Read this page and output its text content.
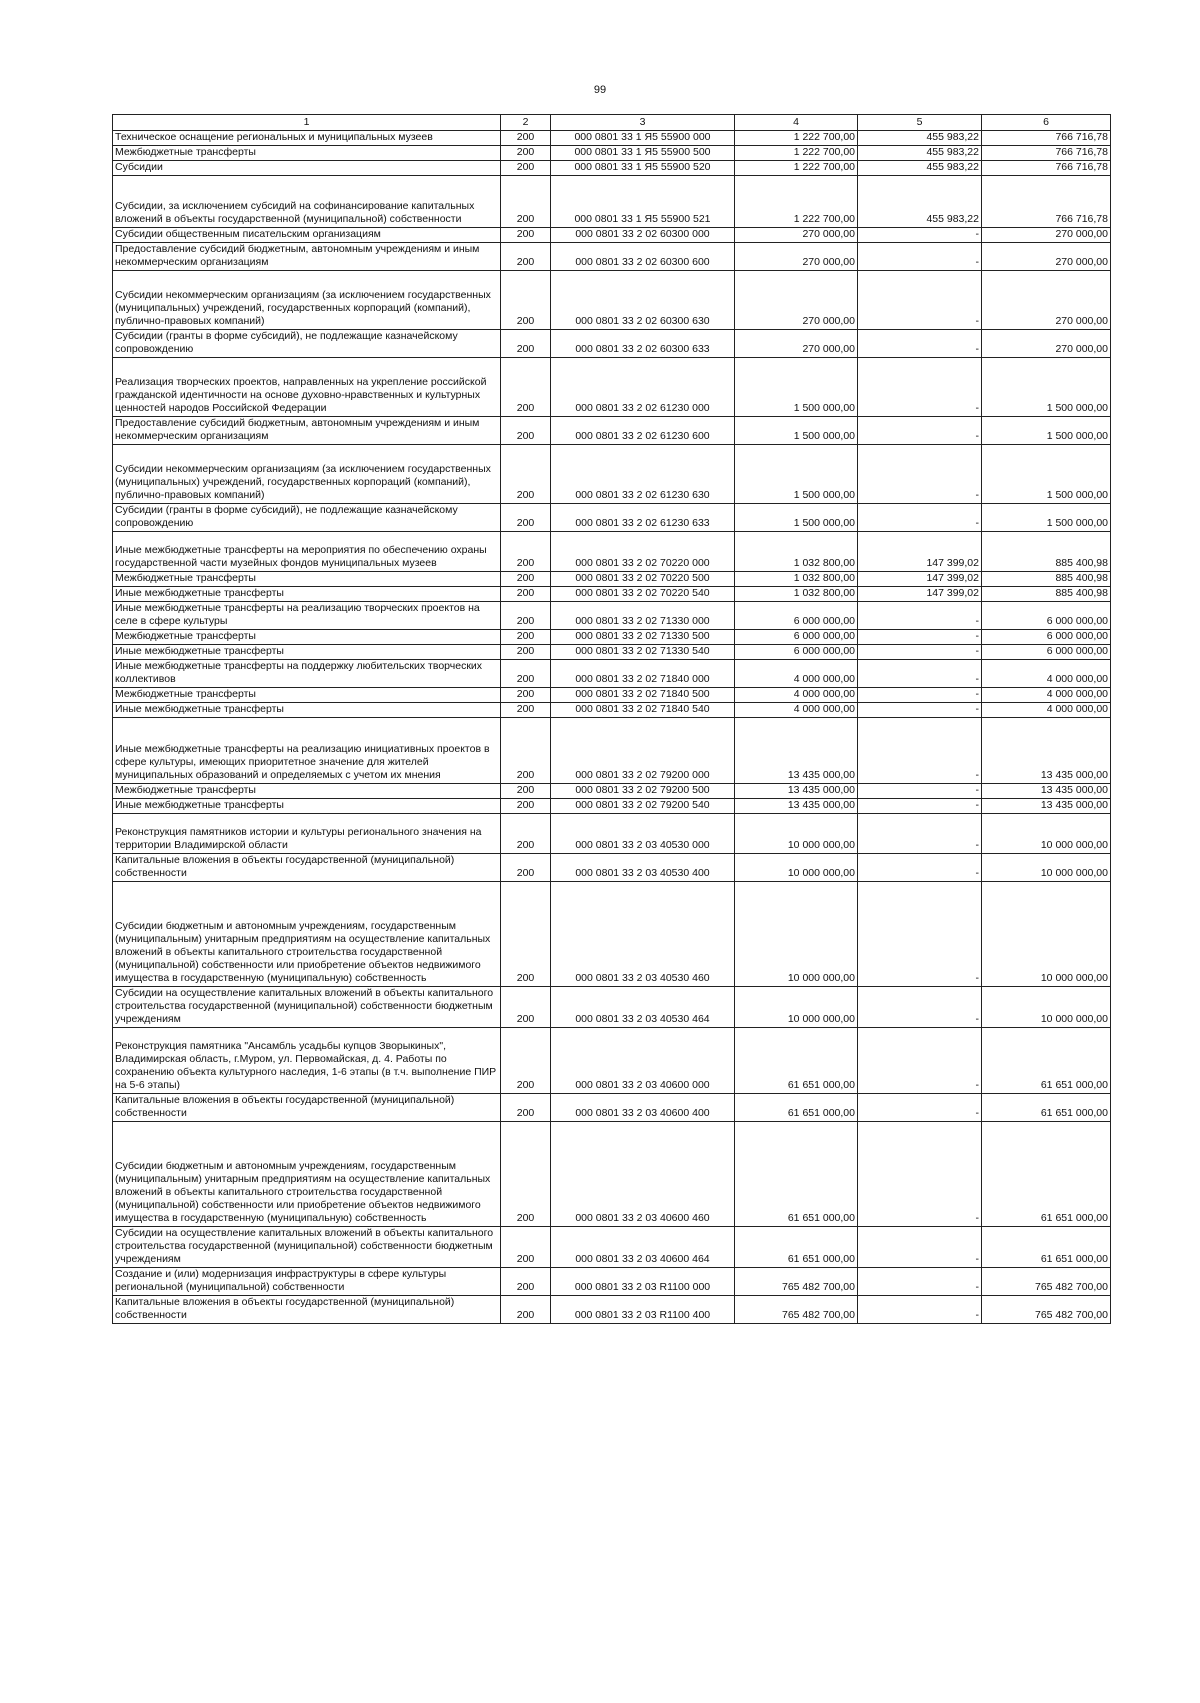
99
1	2	3	4	5	6
Техническое оснащение региональных и муниципальных музеев	200	000 0801 33 1 Я5 55900 000	1 222 700,00	455 983,22	766 716,78
Межбюджетные трансферты	200	000 0801 33 1 Я5 55900 500	1 222 700,00	455 983,22	766 716,78
Субсидии	200	000 0801 33 1 Я5 55900 520	1 222 700,00	455 983,22	766 716,78
Субсидии, за исключением субсидий на софинансирование капитальных вложений в объекты государственной (муниципальной) собственности	200	000 0801 33 1 Я5 55900 521	1 222 700,00	455 983,22	766 716,78
Субсидии общественным писательским организациям	200	000 0801 33 2 02 60300 000	270 000,00	-	270 000,00
Предоставление субсидий бюджетным, автономным учреждениям и иным некоммерческим организациям	200	000 0801 33 2 02 60300 600	270 000,00	-	270 000,00
Субсидии некоммерческим организациям (за исключением государственных (муниципальных) учреждений, государственных корпораций (компаний), публично-правовых компаний)	200	000 0801 33 2 02 60300 630	270 000,00	-	270 000,00
Субсидии (гранты в форме субсидий), не подлежащие казначейскому сопровождению	200	000 0801 33 2 02 60300 633	270 000,00	-	270 000,00
Реализация творческих проектов, направленных на укрепление российской гражданской идентичности на основе духовно-нравственных и культурных ценностей народов Российской Федерации	200	000 0801 33 2 02 61230 000	1 500 000,00	-	1 500 000,00
Предоставление субсидий бюджетным, автономным учреждениям и иным некоммерческим организациям	200	000 0801 33 2 02 61230 600	1 500 000,00	-	1 500 000,00
Субсидии некоммерческим организациям (за исключением государственных (муниципальных) учреждений, государственных корпораций (компаний), публично-правовых компаний)	200	000 0801 33 2 02 61230 630	1 500 000,00	-	1 500 000,00
Субсидии (гранты в форме субсидий), не подлежащие казначейскому сопровождению	200	000 0801 33 2 02 61230 633	1 500 000,00	-	1 500 000,00
Иные межбюджетные трансферты на мероприятия по обеспечению охраны государственной части музейных фондов муниципальных музеев	200	000 0801 33 2 02 70220 000	1 032 800,00	147 399,02	885 400,98
Межбюджетные трансферты	200	000 0801 33 2 02 70220 500	1 032 800,00	147 399,02	885 400,98
Иные межбюджетные трансферты	200	000 0801 33 2 02 70220 540	1 032 800,00	147 399,02	885 400,98
Иные межбюджетные трансферты на реализацию творческих проектов на селе в сфере культуры	200	000 0801 33 2 02 71330 000	6 000 000,00	-	6 000 000,00
Межбюджетные трансферты	200	000 0801 33 2 02 71330 500	6 000 000,00	-	6 000 000,00
Иные межбюджетные трансферты	200	000 0801 33 2 02 71330 540	6 000 000,00	-	6 000 000,00
Иные межбюджетные трансферты на поддержку любительских творческих коллективов	200	000 0801 33 2 02 71840 000	4 000 000,00	-	4 000 000,00
Межбюджетные трансферты	200	000 0801 33 2 02 71840 500	4 000 000,00	-	4 000 000,00
Иные межбюджетные трансферты	200	000 0801 33 2 02 71840 540	4 000 000,00	-	4 000 000,00
Иные межбюджетные трансферты на реализацию инициативных проектов в сфере культуры, имеющих приоритетное значение для жителей муниципальных образований и определяемых с учетом их мнения	200	000 0801 33 2 02 79200 000	13 435 000,00	-	13 435 000,00
Межбюджетные трансферты	200	000 0801 33 2 02 79200 500	13 435 000,00	-	13 435 000,00
Иные межбюджетные трансферты	200	000 0801 33 2 02 79200 540	13 435 000,00	-	13 435 000,00
Реконструкция памятников истории и культуры регионального значения на территории Владимирской области	200	000 0801 33 2 03 40530 000	10 000 000,00	-	10 000 000,00
Капитальные вложения в объекты государственной (муниципальной) собственности	200	000 0801 33 2 03 40530 400	10 000 000,00	-	10 000 000,00
Субсидии бюджетным и автономным учреждениям, государственным (муниципальным) унитарным предприятиям на осуществление капитальных вложений в объекты капитального строительства государственной (муниципальной) собственности или приобретение объектов недвижимого имущества в государственную (муниципальную) собственность	200	000 0801 33 2 03 40530 460	10 000 000,00	-	10 000 000,00
Субсидии на осуществление капитальных вложений в объекты капитального строительства государственной (муниципальной) собственности бюджетным учреждениям	200	000 0801 33 2 03 40530 464	10 000 000,00	-	10 000 000,00
Реконструкция памятника "Ансамбль усадьбы купцов Зворыкиных", Владимирская область, г.Муром, ул. Первомайская, д. 4. Работы по сохранению объекта культурного наследия, 1-6 этапы (в т.ч. выполнение ПИР на 5-6 этапы)	200	000 0801 33 2 03 40600 000	61 651 000,00	-	61 651 000,00
Капитальные вложения в объекты государственной (муниципальной) собственности	200	000 0801 33 2 03 40600 400	61 651 000,00	-	61 651 000,00
Субсидии бюджетным и автономным учреждениям, государственным (муниципальным) унитарным предприятиям на осуществление капитальных вложений в объекты капитального строительства государственной (муниципальной) собственности или приобретение объектов недвижимого имущества в государственную (муниципальную) собственность	200	000 0801 33 2 03 40600 460	61 651 000,00	-	61 651 000,00
Субсидии на осуществление капитальных вложений в объекты капитального строительства государственной (муниципальной) собственности бюджетным учреждениям	200	000 0801 33 2 03 40600 464	61 651 000,00	-	61 651 000,00
Создание и (или) модернизация инфраструктуры в сфере культуры региональной (муниципальной) собственности	200	000 0801 33 2 03 R1100 000	765 482 700,00	-	765 482 700,00
Капитальные вложения в объекты государственной (муниципальной) собственности	200	000 0801 33 2 03 R1100 400	765 482 700,00	-	765 482 700,00
